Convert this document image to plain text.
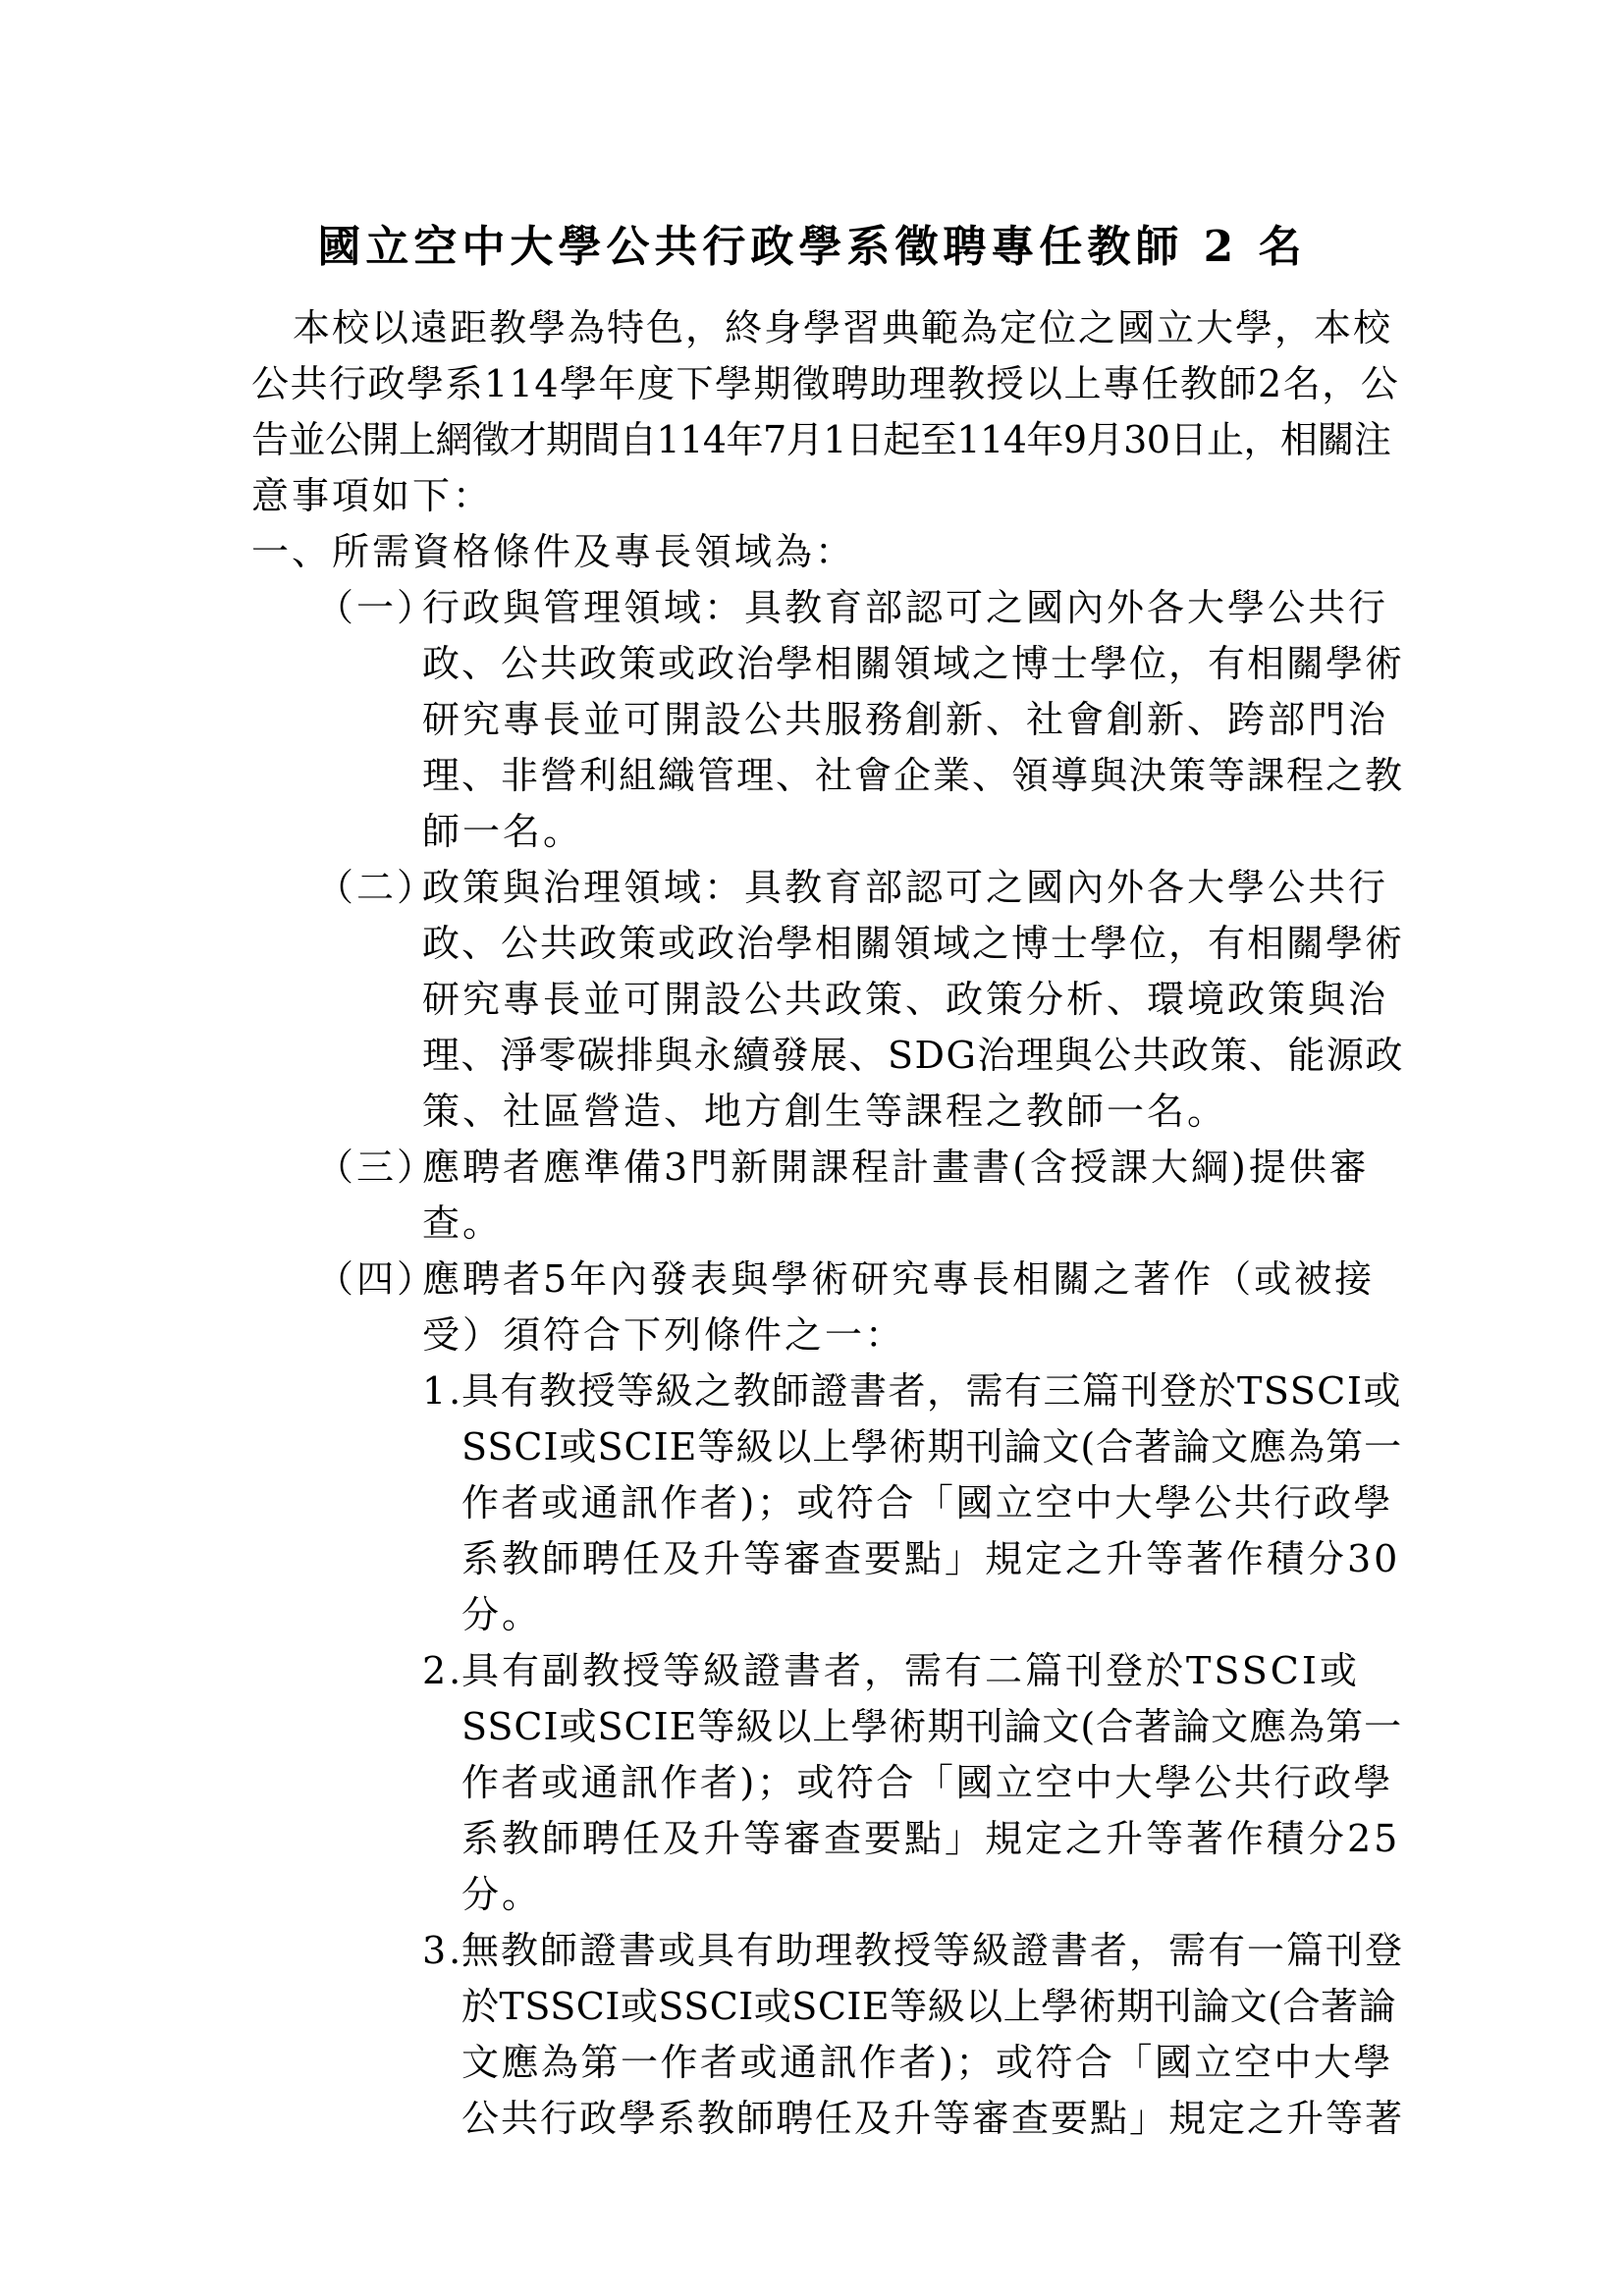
國立空中大學公共行政學系徵聘專任教師 2 名
本校以遠距教學為特色，終身學習典範為定位之國立大學，本校
公共行政學系114學年度下學期徵聘助理教授以上專任教師2名，公
告並公開上網徵才期間自114年7月1日起至114年9月30日止，相關注
意事項如下：
一、所需資格條件及專長領域為：
（一）
行政與管理領域：具教育部認可之國內外各大學公共行
政、公共政策或政治學相關領域之博士學位，有相關學術
研究專長並可開設公共服務創新、社會創新、跨部門治
理、非營利組織管理、社會企業、領導與決策等課程之教
師一名。
（二）
政策與治理領域：具教育部認可之國內外各大學公共行
政、公共政策或政治學相關領域之博士學位，有相關學術
研究專長並可開設公共政策、政策分析、環境政策與治
理、淨零碳排與永續發展、SDG治理與公共政策、能源政
策、社區營造、地方創生等課程之教師一名。
（三）
應聘者應準備3門新開課程計畫書(含授課大綱)提供審
查。
（四）
應聘者5年內發表與學術研究專長相關之著作（或被接
受）須符合下列條件之一：
1.
具有教授等級之教師證書者，需有三篇刊登於TSSCI或
SSCI或SCIE等級以上學術期刊論文(合著論文應為第一
作者或通訊作者)；或符合「國立空中大學公共行政學
系教師聘任及升等審查要點」規定之升等著作積分30
分。
2.
具有副教授等級證書者，需有二篇刊登於TSSCI或
SSCI或SCIE等級以上學術期刊論文(合著論文應為第一
作者或通訊作者)；或符合「國立空中大學公共行政學
系教師聘任及升等審查要點」規定之升等著作積分25
分。
3.
無教師證書或具有助理教授等級證書者，需有一篇刊登
於TSSCI或SSCI或SCIE等級以上學術期刊論文(合著論
文應為第一作者或通訊作者)；或符合「國立空中大學
公共行政學系教師聘任及升等審查要點」規定之升等著
